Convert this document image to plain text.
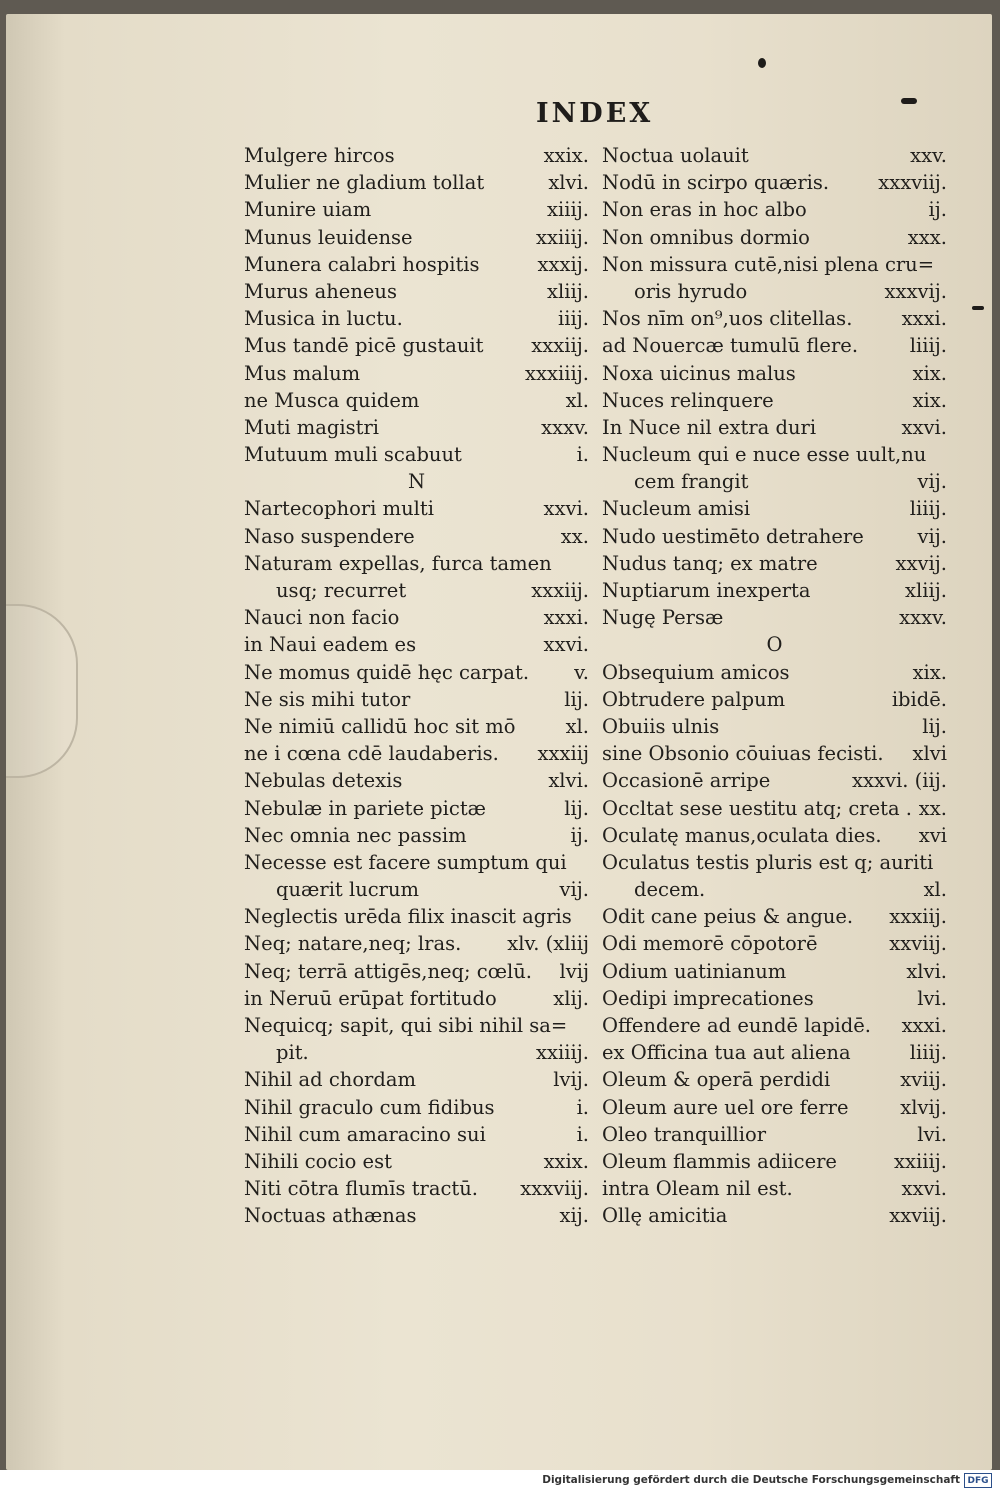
INDEX
Mulgere hircos	xxix.
Mulier ne gladium tollat	xlvi.
Munire uiam	xiiij.
Munus leuidense	xxiiij.
Munera calabri hospitis	xxxij.
Murus aheneus	xliij.
Musica in luctu.	iiij.
Mus tandē picē gustauit xxxiij.
Mus malum	xxxiiij.
ne Musca quidem	xl.
Muti magistri	xxxv.
Mutuum muli scabuut	i.
N
Nartecophori multi	xxvi.
Naso suspendere	xx.
Naturam expellas, furca tamen
usq; recurret	xxxiij.
Nauci non facio	xxxi.
in Naui eadem es	xxvi.
Ne momus quidē hęc carpat. v.
Ne sis mihi tutor	lij.
Ne nimiū callidū hoc sit mō	xl.
ne i cœna cdē laudaberis. xxxiij
Nebulas detexis	xlvi.
Nebulæ in pariete pictæ	lij.
Nec omnia nec passim	ij.
Necesse est facere sumptum qui
quærit lucrum	vij.
Neglectis urēda filix inascit agris
Neq; natare,neq; lras. xlv. (xliij
Neq; terrā attigēs,neq; cœlū. lvij
in Neruū erūpat fortitudo	xlij.
Nequicq; sapit, qui sibi nihil sa=
pit.	xxiiij.
Nihil ad chordam	lvij.
Nihil graculo cum fidibus	i.
Nihil cum amaracino sui	i.
Nihili cocio est	xxix.
Niti cōtra flumīs tractū. xxxviij.
Noctuas athænas	xij.
Noctua uolauit	xxv.
Nodū in scirpo quæris.	xxxviij.
Non eras in hoc albo	ij.
Non omnibus dormio	xxx.
Non missura cutē,nisi plena cru=
oris hyrudo	xxxvij.
Nos nīm on⁹,uos clitellas.	xxxi.
ad Nouercæ tumulū flere.	liiij.
Noxa uicinus malus	xix.
Nuces relinquere	xix.
In Nuce nil extra duri	xxvi.
Nucleum qui e nuce esse uult,nu
cem frangit	vij.
Nucleum amisi	liiij.
Nudo uestimēto detrahere	vij.
Nudus tanq; ex matre	xxvij.
Nuptiarum inexperta	xliij.
Nugę Persæ	xxxv.
O
Obsequium amicos	xix.
Obtrudere palpum	ibidē.
Obuiis ulnis	lij.
sine Obsonio cōuiuas fecisti. xlvi
Occasionē arripe	xxxvi. (iij.
Occltat sese uestitu atq; creta . xx.
Oculatę manus,oculata dies. xvi
Oculatus testis pluris est q; auriti
decem.	xl.
Odit cane peius & angue. xxxiij.
Odi memorē cōpotorē	xxviij.
Odium uatinianum	xlvi.
Oedipi imprecationes	lvi.
Offendere ad eundē lapidē. xxxi.
ex Officina tua aut aliena	liiij.
Oleum & operā perdidi	xviij.
Oleum aure uel ore ferre	xlvij.
Oleo tranquillior	lvi.
Oleum flammis adiicere	xxiiij.
intra Oleam nil est.	xxvi.
Ollę amicitia	xxviij.
Digitalisierung gefördert durch die Deutsche Forschungsgemeinschaft DFG
